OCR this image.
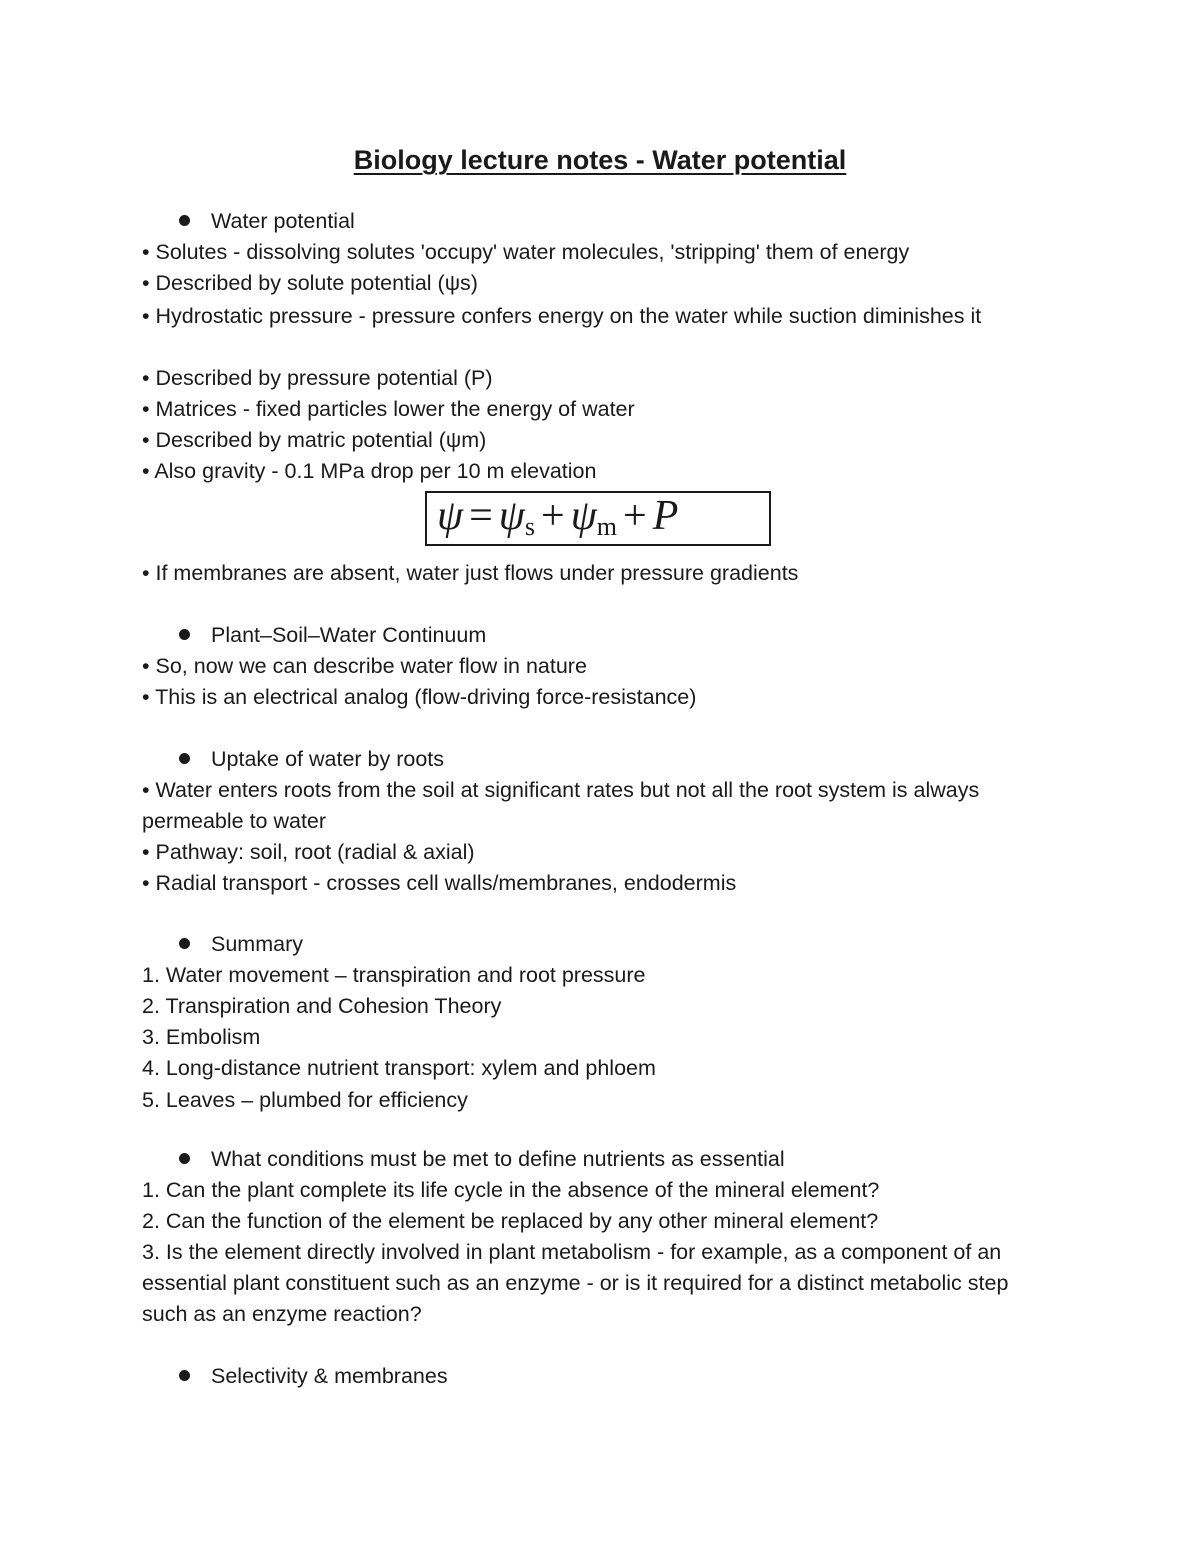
Biology lecture notes - Water potential
Water potential
• Solutes - dissolving solutes 'occupy' water molecules, 'stripping' them of energy
• Described by solute potential (ψs)
• Hydrostatic pressure - pressure confers energy on the water while suction diminishes it
• Described by pressure potential (P)
• Matrices - fixed particles lower the energy of water
• Described by matric potential (ψm)
• Also gravity - 0.1 MPa drop per 10 m elevation
$\psi = \psi_s + \psi_m + P$
• If membranes are absent, water just flows under pressure gradients
Plant–Soil–Water Continuum
• So, now we can describe water flow in nature
• This is an electrical analog (flow-driving force-resistance)
Uptake of water by roots
• Water enters roots from the soil at significant rates but not all the root system is always permeable to water
• Pathway: soil, root (radial & axial)
• Radial transport - crosses cell walls/membranes, endodermis
Summary
1. Water movement – transpiration and root pressure
2. Transpiration and Cohesion Theory
3. Embolism
4. Long-distance nutrient transport: xylem and phloem
5. Leaves – plumbed for efficiency
What conditions must be met to define nutrients as essential
1. Can the plant complete its life cycle in the absence of the mineral element?
2. Can the function of the element be replaced by any other mineral element?
3. Is the element directly involved in plant metabolism - for example, as a component of an essential plant constituent such as an enzyme - or is it required for a distinct metabolic step such as an enzyme reaction?
Selectivity & membranes
